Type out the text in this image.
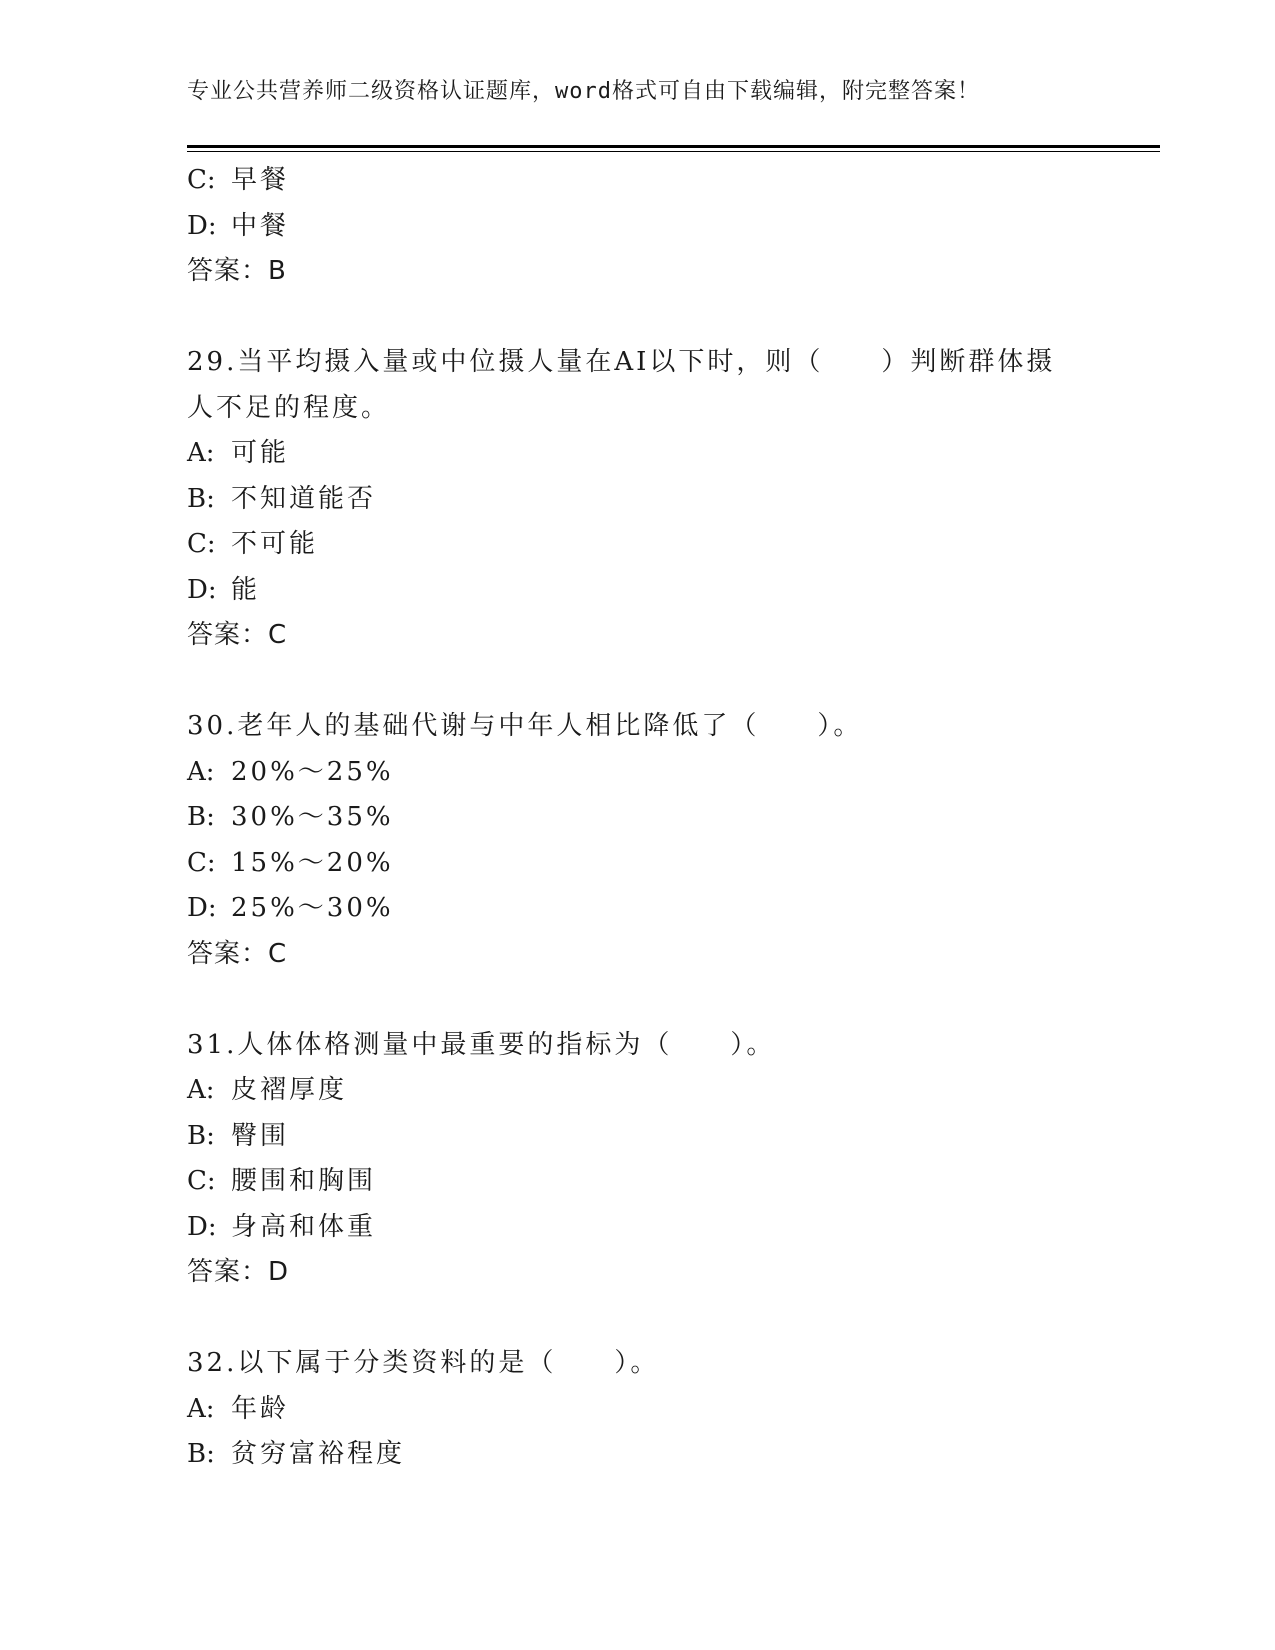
专业公共营养师二级资格认证题库，word格式可自由下载编辑，附完整答案！
C: 早餐
D: 中餐
答案：B
29.当平均摄入量或中位摄人量在AI以下时，则（　　）判断群体摄
人不足的程度。
A: 可能
B: 不知道能否
C: 不可能
D: 能
答案：C
30.老年人的基础代谢与中年人相比降低了（　　）。
A: 20%～25%
B: 30%～35%
C: 15%～20%
D: 25%～30%
答案：C
31.人体体格测量中最重要的指标为（　　）。
A: 皮褶厚度
B: 臀围
C: 腰围和胸围
D: 身高和体重
答案：D
32.以下属于分类资料的是（　　）。
A: 年龄
B: 贫穷富裕程度
